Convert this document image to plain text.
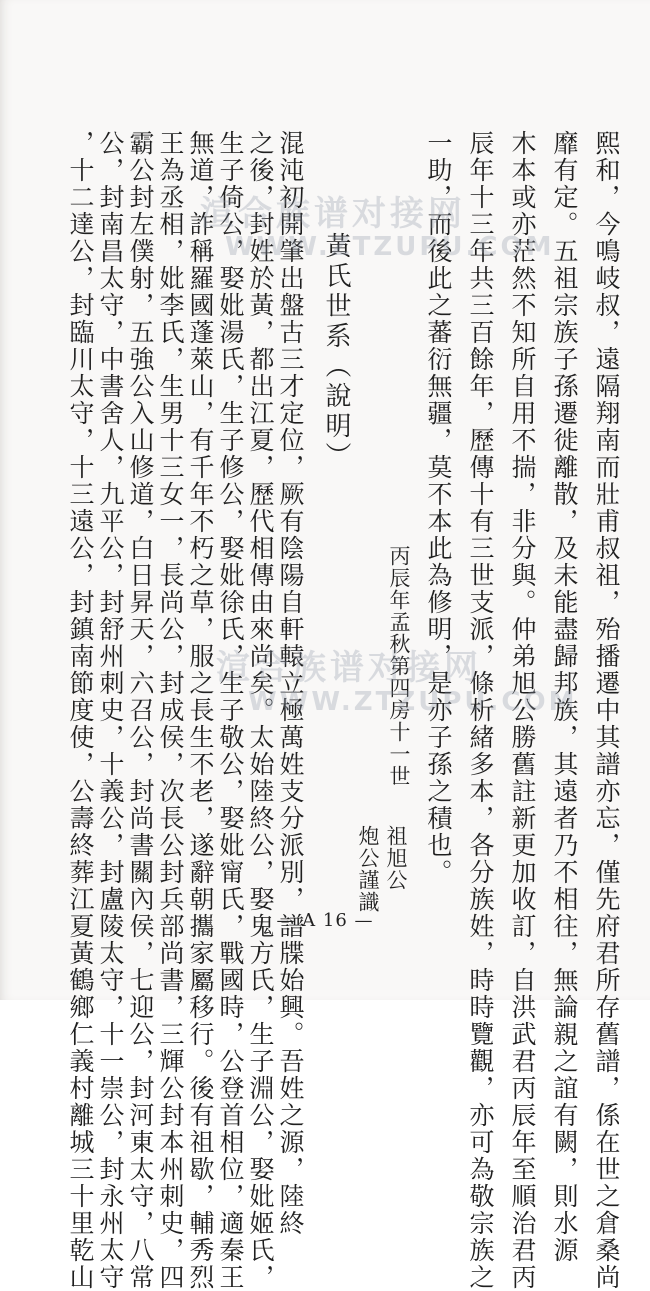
熙和，今鳴岐叔，遠隔翔南而壯甫叔祖，殆播遷中其譜亦忘，僅先府君所存舊譜，係在世之倉桑尚
靡有定。五祖宗族子孫遷徙離散，及未能盡歸邦族，其遠者乃不相往，無論親之誼有闕，則水源
木本或亦茫然不知所自用不揣，非分與。仲弟旭公勝舊註新更加收訂，自洪武君丙辰年至順治君丙
辰年十三年共三百餘年，歷傳十有三世支派，條析緒多本，各分族姓，時時覽觀，亦可為敬宗族之
一助，而後此之蕃衍無疆，莫不本此為修明，是亦子孫之積也。
丙辰年孟秋第四房十一世
祖旭公
炮公謹識
黃氏世系（說明）
混沌初開肇出盤古三才定位，厥有陰陽自軒轅立極萬姓支分派別，譜牒始興。吾姓之源，陸終
之後，封姓於黃，都出江夏，歷代相傳由來尚矣。太始陸終公，娶鬼方氏，生子淵公，娶妣姬氏，
生子倚公，娶妣湯氏，生子修公，娶妣徐氏，生子敬公，娶妣甯氏，戰國時，公登首相位，適秦王
無道，詐稱羅國蓬萊山，有千年不朽之草，服之長生不老，遂辭朝攜家屬移行。後有祖歇，輔秀烈
王為丞相，妣李氏，生男十三女一，長尚公，封成侯，次長公封兵部尚書，三輝公封本州刺史，四
霸公封左僕射，五強公入山修道，白日昇天，六召公，封尚書關內侯，七迎公，封河東太守，八常
公，封南昌太守，中書舍人，九平公，封舒州刺史，十義公，封盧陵太守，十一崇公，封永州太守
，十二達公，封臨川太守，十三遠公，封鎮南節度使，公壽終葬江夏黃鶴鄉仁義村離城三十里乾山	渲合族谱对接网
WWW.ZTZUPU.COM
渲合族谱对接网
WWW.ZTZUPU.COM
— A 16 —
